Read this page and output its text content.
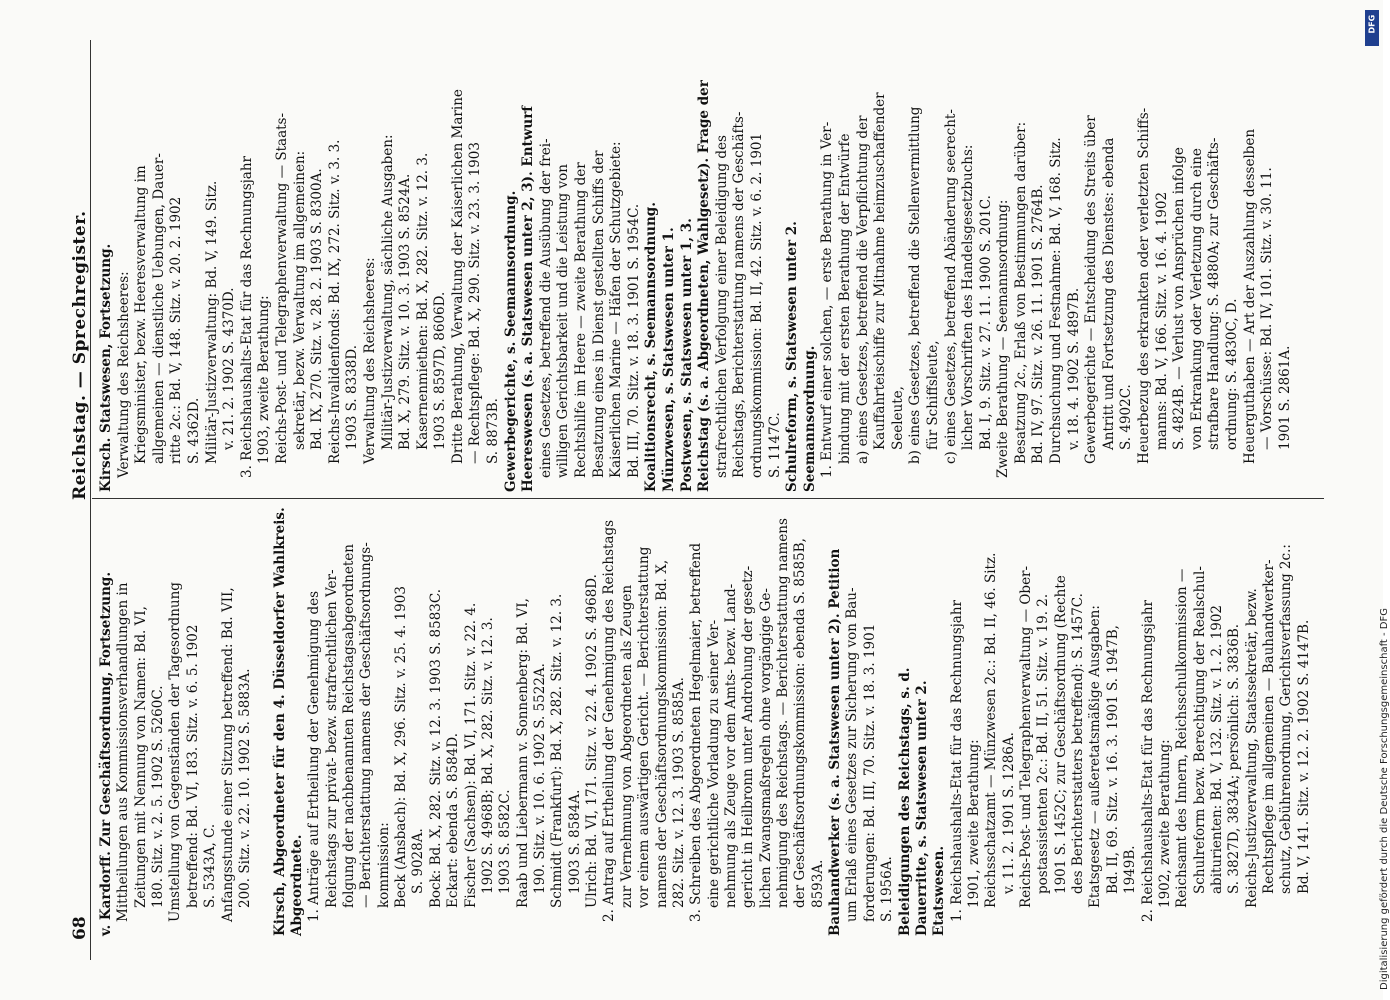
68
Reichstag. — Sprechregister.
v. Kardorff. Zur Geschäftsordnung, Fortsetzung. Mittheilungen aus Kommissionsverhandlungen in Zeitungen mit Nennung von Namen: Bd. VI, 180. Sitz. v. 2. 5. 1902 S. 5260C. Umstellung von Gegenständen der Tagesordnung betreffend: Bd. VI, 183. Sitz. v. 6. 5. 1902 S. 5343A, C. Anfangsstunde einer Sitzung betreffend: Bd. VII, 200. Sitz. v. 22. 10. 1902 S. 5883A.
Kirsch, Abgeordneter für den 4. Düsseldorfer Wahlkreis. Abgeordnete. 1. Anträge auf Ertheilung der Genehmigung des Reichstags zur privat- bezw. strafrechtlichen Ver- folgung der nachbenannten Reichstagsabgeordneten — Berichterstattung namens der Geschäftsordnungs- kommission: Beck (Ansbach): Bd. X, 296. Sitz. v. 25. 4. 1903 S. 9028A. Bock: Bd. X, 282. Sitz. v. 12. 3. 1903 S. 8583C. Eckart: ebenda S. 8584D. Fischer (Sachsen): Bd. VI, 171. Sitz. v. 22. 4. 1902 S. 4968B; Bd. X, 282. Sitz. v. 12. 3. 1903 S. 8582C. Raab und Liebermann v. Sonnenberg: Bd. VI, 190. Sitz. v. 10. 6. 1902 S. 5522A. Schmidt (Frankfurt): Bd. X, 282. Sitz. v. 12. 3. 1903 S. 8584A. Ulrich: Bd. VI, 171. Sitz. v. 22. 4. 1902 S. 4968D. 2. Antrag auf Ertheilung der Genehmigung des Reichstags zur Vernehmung von Abgeordneten als Zeugen vor einem auswärtigen Gericht. — Berichterstattung namens der Geschäftsordnungskommission: Bd. X, 282. Sitz. v. 12. 3. 1903 S. 8585A. 3. Schreiben des Abgeordneten Hegelmaier, betreffend eine gerichtliche Vorladung zu seiner Ver- nehmung als Zeuge vor dem Amts- bezw. Land- gericht in Heilbronn unter Androhung der gesetz- lichen Zwangsmaßregeln ohne vorgängige Ge- nehmigung des Reichstags. — Berichterstattung namens der Geschäftsordnungskommission: ebenda S. 8585B, 8593A. Bauhandwerker (s. a. Statswesen unter 2). Petition um Erlaß eines Gesetzes zur Sicherung von Bau- forderungen: Bd. III, 70. Sitz. v. 18. 3. 1901 S. 1956A. Beleidigungen des Reichstags, s. d. Dauerritte, s. Statswesen unter 2. Etatswesen. 1. Reichshaushalts-Etat für das Rechnungsjahr 1901, zweite Berathung: Reichsschatzamt — Münzwesen 2c.: Bd. II, 46. Sitz. v. 11. 2. 1901 S. 1286A. Reichs-Post- und Telegraphenverwaltung — Ober- postassistenten 2c.: Bd. II, 51. Sitz. v. 19. 2. 1901 S. 1452C; zur Geschäftsordnung (Rechte des Berichterstatters betreffend): S. 1457C. Etatsgesetz — außeretatsmäßige Ausgaben: Bd. II, 69. Sitz. v. 16. 3. 1901 S. 1947B, 1949B. 2. Reichshaushalts-Etat für das Rechnungsjahr 1902, zweite Berathung: Reichsamt des Innern, Reichsschulkommission — Schulreform bezw. Berechtigung der Realschul- abiturienten: Bd. V, 132. Sitz. v. 1. 2. 1902 S. 3827D, 3834A; persönlich: S. 3836B. Reichs-Justizverwaltung, Staatssekretär, bezw. Rechtspflege im allgemeinen — Bauhandwerker- schutz, Gebührenordnung, Gerichtsverfassung 2c.: Bd. V, 141. Sitz. v. 12. 2. 1902 S. 4147B.
Kirsch. Statswesen, Fortsetzung. Verwaltung des Reichsheeres: Kriegsminister, bezw. Heeresverwaltung im allgemeinen — dienstliche Uebungen, Dauer- ritte 2c.: Bd. V, 148. Sitz. v. 20. 2. 1902 S. 4362D. Militär-Justizverwaltung: Bd. V, 149. Sitz. v. 21. 2. 1902 S. 4370D. 3. Reichshaushalts-Etat für das Rechnungsjahr 1903, zweite Berathung: Reichs-Post- und Telegraphenverwaltung — Staats- sekretär, bezw. Verwaltung im allgemeinen: Bd. IX, 270. Sitz. v. 28. 2. 1903 S. 8300A. Reichs-Invalidenfonds: Bd. IX, 272. Sitz. v. 3. 3. 1903 S. 8338D. Verwaltung des Reichsheeres: Militär-Justizverwaltung, sächliche Ausgaben: Bd. X, 279. Sitz. v. 10. 3. 1903 S. 8524A. Kasernenmiethen: Bd. X, 282. Sitz. v. 12. 3. 1903 S. 8597D, 8606D. Dritte Berathung, Verwaltung der Kaiserlichen Marine — Rechtspflege: Bd. X, 290. Sitz. v. 23. 3. 1903 S. 8873B. Gewerbegerichte, s. Seemannsordnung. Heereswesen (s. a. Statswesen unter 2, 3). Entwurf eines Gesetzes, betreffend die Ausübung der frei- willigen Gerichtsbarkeit und die Leistung von Rechtshilfe im Heere — zweite Berathung der Besatzung eines in Dienst gestellten Schiffs der Kaiserlichen Marine — Häfen der Schutzgebiete: Bd. III, 70. Sitz. v. 18. 3. 1901 S. 1954C. Koalitionsrecht, s. Seemannsordnung. Münzwesen, s. Statswesen unter 1. Postwesen, s. Statswesen unter 1, 3. Reichstag (s. a. Abgeordneten, Wahlgesetz). Frage der strafrechtlichen Verfolgung einer Beleidigung des Reichstags, Berichterstattung namens der Geschäfts- ordnungskommission: Bd. II, 42. Sitz. v. 6. 2. 1901 S. 1147C. Schulreform, s. Statswesen unter 2. Seemannsordnung. 1. Entwurf einer solchen, — erste Berathung in Ver- bindung mit der ersten Berathung der Entwürfe a) eines Gesetzes, betreffend die Verpflichtung der Kauffahrteischiffe zur Mitnahme heimzuschaffender Seeleute, b) eines Gesetzes, betreffend die Stellenvermittlung für Schiffsleute, c) eines Gesetzes, betreffend Abänderung seerecht- licher Vorschriften des Handelsgesetzbuchs: Bd. I, 9. Sitz. v. 27. 11. 1900 S. 201C. Zweite Berathung — Seemannsordnung: Besatzung 2c., Erlaß von Bestimmungen darüber: Bd. IV, 97. Sitz. v. 26. 11. 1901 S. 2764B. Durchsuchung und Festnahme: Bd. V, 168. Sitz. v. 18. 4. 1902 S. 4897B. Gewerbegerichte — Entscheidung des Streits über Antritt und Fortsetzung des Dienstes: ebenda S. 4902C. Heuerbezug des erkrankten oder verletzten Schiffs- manns: Bd. V, 166. Sitz. v. 16. 4. 1902 S. 4824B. — Verlust von Ansprüchen infolge von Erkrankung oder Verletzung durch eine strafbare Handlung: S. 4880A; zur Geschäfts- ordnung: S. 4830C, D. Heuerguthaben — Art der Auszahlung desselben — Vorschüsse: Bd. IV, 101. Sitz. v. 30. 11. 1901 S. 2861A.
DFG
Digitalisierung gefördert durch die Deutsche Forschungsgemeinschaft - DFG
